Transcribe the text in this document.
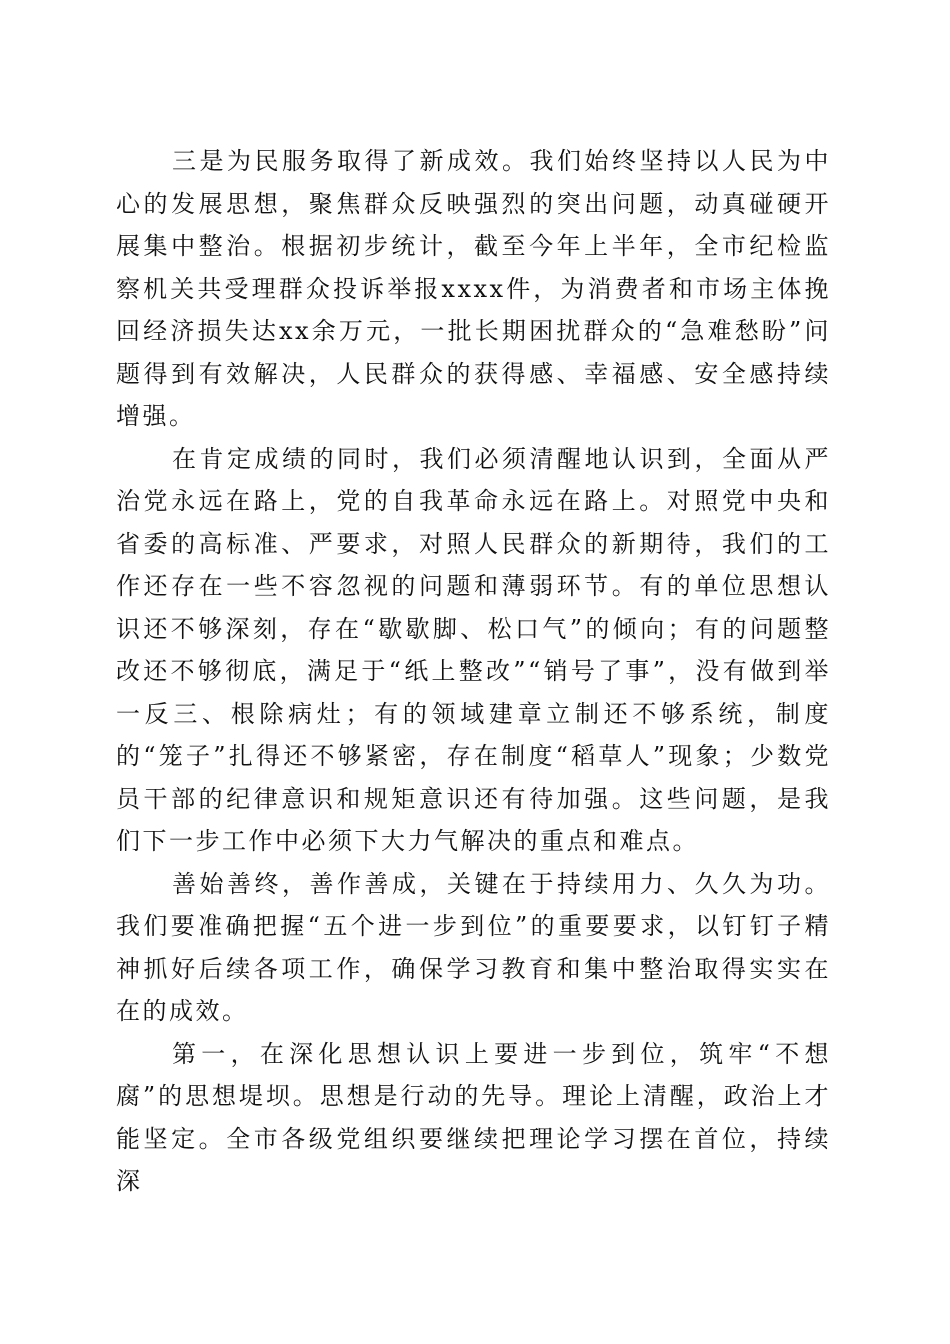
三是为民服务取得了新成效。我们始终坚持以人民为中心的发展思想，聚焦群众反映强烈的突出问题，动真碰硬开展集中整治。根据初步统计，截至今年上半年，全市纪检监察机关共受理群众投诉举报xxxx件，为消费者和市场主体挽回经济损失达xx余万元，一批长期困扰群众的“急难愁盼”问题得到有效解决，人民群众的获得感、幸福感、安全感持续增强。

在肯定成绩的同时，我们必须清醒地认识到，全面从严治党永远在路上，党的自我革命永远在路上。对照党中央和省委的高标准、严要求，对照人民群众的新期待，我们的工作还存在一些不容忽视的问题和薄弱环节。有的单位思想认识还不够深刻，存在“歇歇脚、松口气”的倾向；有的问题整改还不够彻底，满足于“纸上整改”“销号了事”，没有做到举一反三、根除病灶；有的领域建章立制还不够系统，制度的“笼子”扎得还不够紧密，存在制度“稻草人”现象；少数党员干部的纪律意识和规矩意识还有待加强。这些问题，是我们下一步工作中必须下大力气解决的重点和难点。

善始善终，善作善成，关键在于持续用力、久久为功。我们要准确把握“五个进一步到位”的重要要求，以钉钉子精神抓好后续各项工作，确保学习教育和集中整治取得实实在在的成效。

第一，在深化思想认识上要进一步到位，筑牢“不想腐”的思想堤坝。思想是行动的先导。理论上清醒，政治上才能坚定。全市各级党组织要继续把理论学习摆在首位，持续深
